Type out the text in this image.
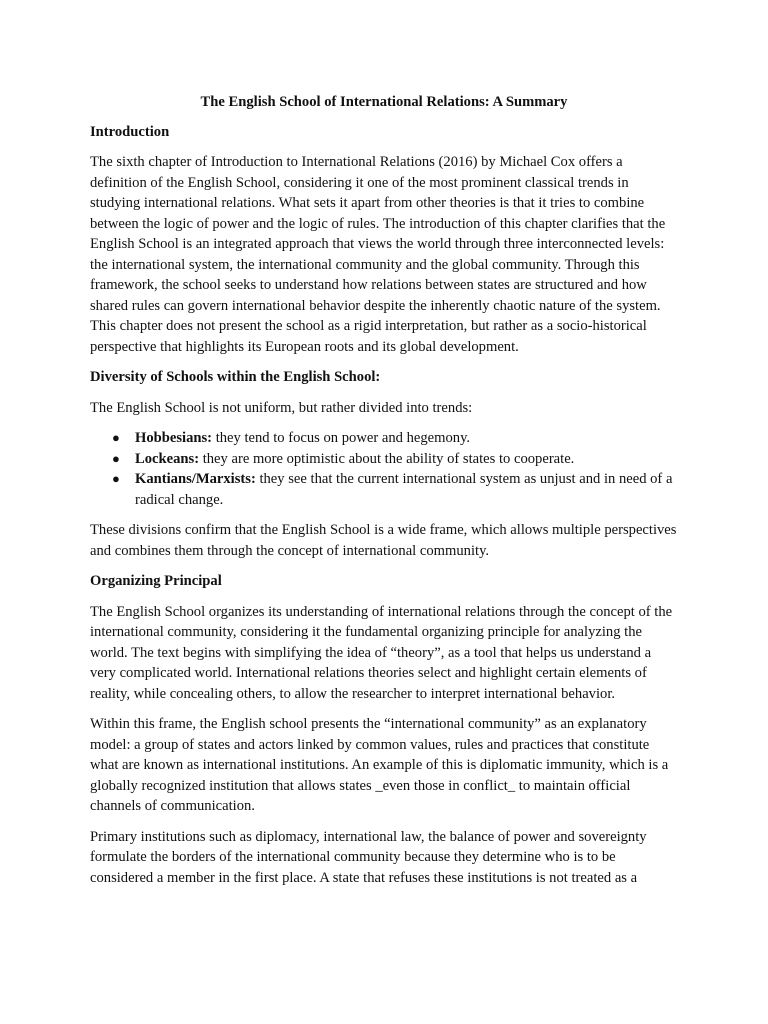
The English School of International Relations: A Summary
Introduction

The sixth chapter of Introduction to International Relations (2016) by Michael Cox offers a definition of the English School, considering it one of the most prominent classical trends in studying international relations. What sets it apart from other theories is that it tries to combine between the logic of power and the logic of rules. The introduction of this chapter clarifies that the English School is an integrated approach that views the world through three interconnected levels: the international system, the international community and the global community. Through this framework, the school seeks to understand how relations between states are structured and how shared rules can govern international behavior despite the inherently chaotic nature of the system. This chapter does not present the school as a rigid interpretation, but rather as a socio-historical perspective that highlights its European roots and its global development.

Diversity of Schools within the English School:

The English School is not uniform, but rather divided into trends:

● Hobbesians: they tend to focus on power and hegemony.
● Lockeans: they are more optimistic about the ability of states to cooperate.
● Kantians/Marxists: they see that the current international system as unjust and in need of a radical change.

These divisions confirm that the English School is a wide frame, which allows multiple perspectives and combines them through the concept of international community.

Organizing Principal

The English School organizes its understanding of international relations through the concept of the international community, considering it the fundamental organizing principle for analyzing the world. The text begins with simplifying the idea of “theory”, as a tool that helps us understand a very complicated world. International relations theories select and highlight certain elements of reality, while concealing others, to allow the researcher to interpret international behavior.

Within this frame, the English school presents the “international community” as an explanatory model: a group of states and actors linked by common values, rules and practices that constitute what are known as international institutions. An example of this is diplomatic immunity, which is a globally recognized institution that allows states _even those in conflict_ to maintain official channels of communication.

Primary institutions such as diplomacy, international law, the balance of power and sovereignty formulate the borders of the international community because they determine who is to be considered a member in the first place. A state that refuses these institutions is not treated as a
